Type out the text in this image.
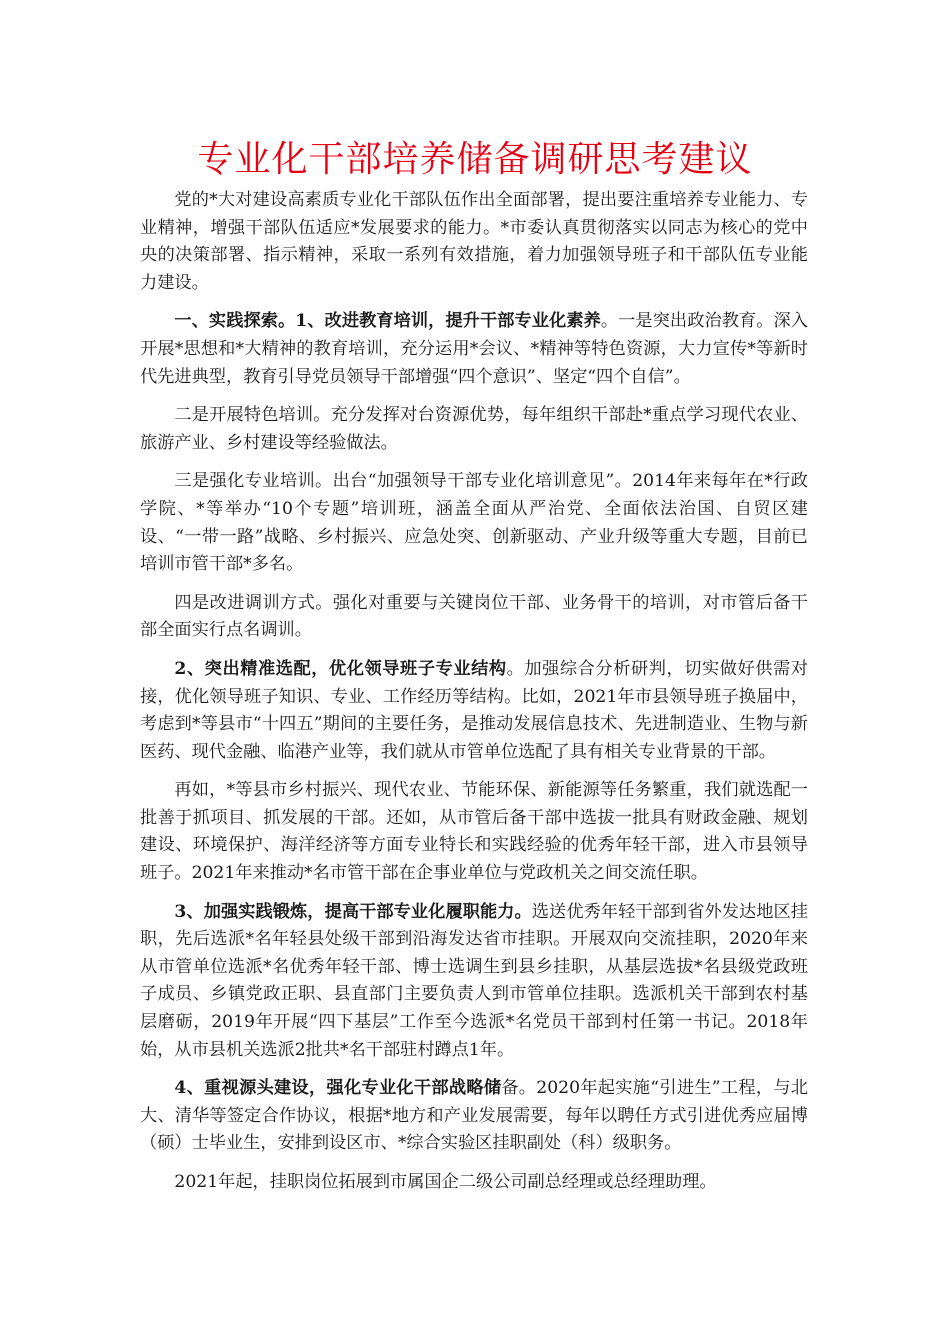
专业化干部培养储备调研思考建议

党的*大对建设高素质专业化干部队伍作出全面部署，提出要注重培养专业能力、专业精神，增强干部队伍适应*发展要求的能力。*市委认真贯彻落实以同志为核心的党中央的决策部署、指示精神，采取一系列有效措施，着力加强领导班子和干部队伍专业能力建设。

一、实践探索。1、改进教育培训，提升干部专业化素养。一是突出政治教育。深入开展*思想和*大精神的教育培训，充分运用*会议、*精神等特色资源，大力宣传*等新时代先进典型，教育引导党员领导干部增强“四个意识”、坚定“四个自信”。

二是开展特色培训。充分发挥对台资源优势，每年组织干部赴*重点学习现代农业、旅游产业、乡村建设等经验做法。

三是强化专业培训。出台“加强领导干部专业化培训意见”。2014年来每年在*行政学院、*等举办“10个专题”培训班，涵盖全面从严治党、全面依法治国、自贸区建设、“一带一路”战略、乡村振兴、应急处突、创新驱动、产业升级等重大专题，目前已培训市管干部*多名。

四是改进调训方式。强化对重要与关键岗位干部、业务骨干的培训，对市管后备干部全面实行点名调训。

2、突出精准选配，优化领导班子专业结构。加强综合分析研判，切实做好供需对接，优化领导班子知识、专业、工作经历等结构。比如，2021年市县领导班子换届中，考虑到*等县市“十四五”期间的主要任务，是推动发展信息技术、先进制造业、生物与新医药、现代金融、临港产业等，我们就从市管单位选配了具有相关专业背景的干部。

再如，*等县市乡村振兴、现代农业、节能环保、新能源等任务繁重，我们就选配一批善于抓项目、抓发展的干部。还如，从市管后备干部中选拔一批具有财政金融、规划建设、环境保护、海洋经济等方面专业特长和实践经验的优秀年轻干部，进入市县领导班子。2021年来推动*名市管干部在企事业单位与党政机关之间交流任职。

3、加强实践锻炼，提高干部专业化履职能力。选送优秀年轻干部到省外发达地区挂职，先后选派*名年轻县处级干部到沿海发达省市挂职。开展双向交流挂职，2020年来从市管单位选派*名优秀年轻干部、博士选调生到县乡挂职，从基层选拔*名县级党政班子成员、乡镇党政正职、县直部门主要负责人到市管单位挂职。选派机关干部到农村基层磨砺，2019年开展“四下基层”工作至今选派*名党员干部到村任第一书记。2018年始，从市县机关选派2批共*名干部驻村蹲点1年。

4、重视源头建设，强化专业化干部战略储备。2020年起实施“引进生”工程，与北大、清华等签定合作协议，根据*地方和产业发展需要，每年以聘任方式引进优秀应届博（硕）士毕业生，安排到设区市、*综合实验区挂职副处（科）级职务。

2021年起，挂职岗位拓展到市属国企二级公司副总经理或总经理助理。
